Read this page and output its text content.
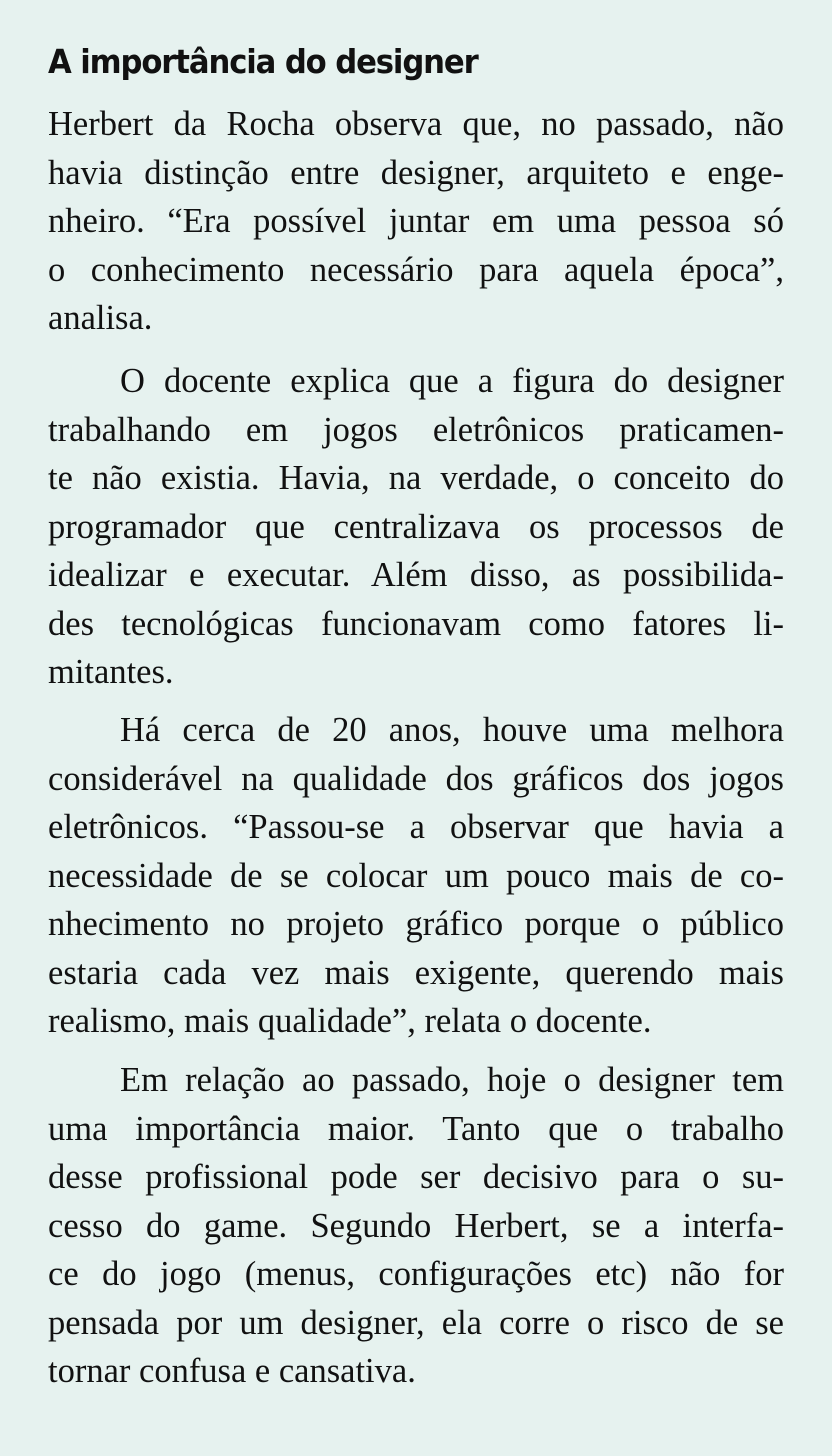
A importância do designer
Herbert da Rocha observa que, no passado, não
havia distinção entre designer, arquiteto e enge-
nheiro. “Era possível juntar em uma pessoa só
o conhecimento necessário para aquela época”,
analisa.
O docente explica que a figura do designer
trabalhando em jogos eletrônicos praticamen-
te não existia. Havia, na verdade, o conceito do
programador que centralizava os processos de
idealizar e executar. Além disso, as possibilida-
des tecnológicas funcionavam como fatores li-
mitantes.
Há cerca de 20 anos, houve uma melhora
considerável na qualidade dos gráficos dos jogos
eletrônicos. “Passou-se a observar que havia a
necessidade de se colocar um pouco mais de co-
nhecimento no projeto gráfico porque o público
estaria cada vez mais exigente, querendo mais
realismo, mais qualidade”, relata o docente.
Em relação ao passado, hoje o designer tem
uma importância maior. Tanto que o trabalho
desse profissional pode ser decisivo para o su-
cesso do game. Segundo Herbert, se a interfa-
ce do jogo (menus, configurações etc) não for
pensada por um designer, ela corre o risco de se
tornar confusa e cansativa.
